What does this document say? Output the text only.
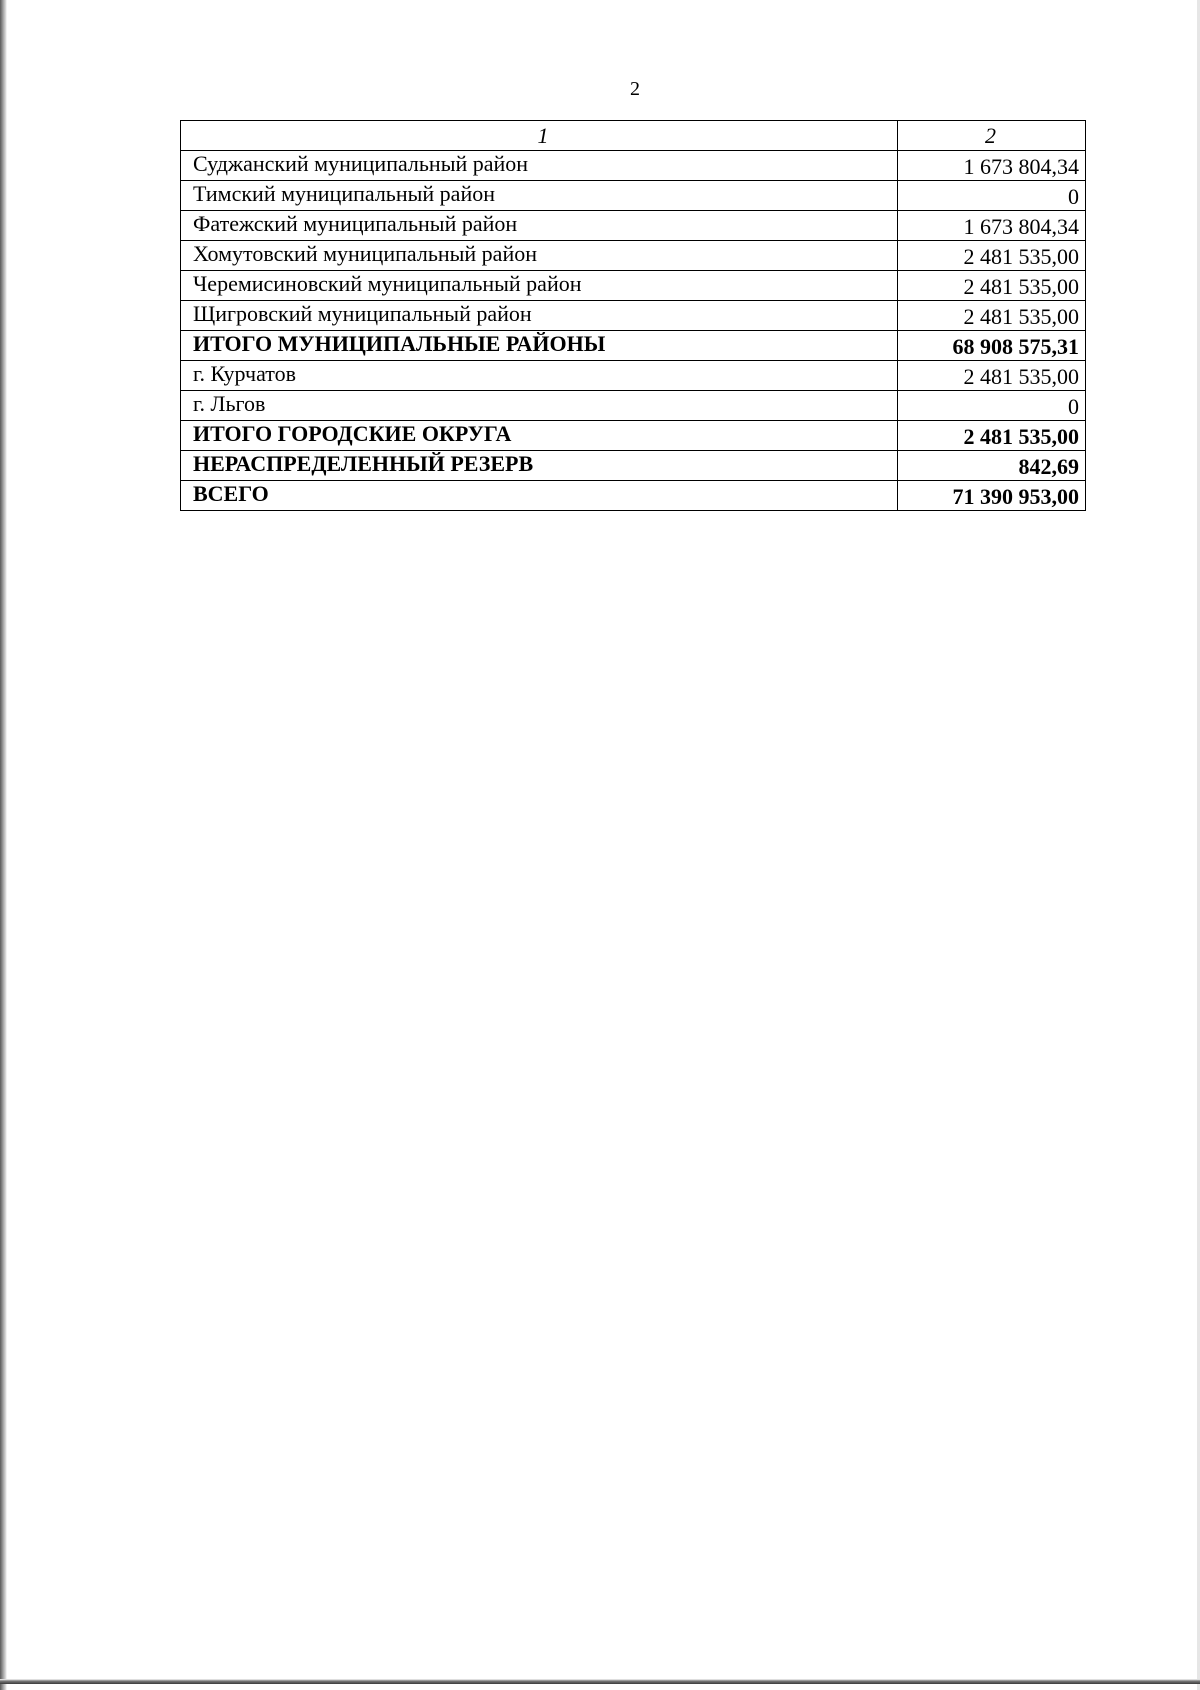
2
1	2
Суджанский муниципальный район	1 673 804,34
Тимский муниципальный район	0
Фатежский муниципальный район	1 673 804,34
Хомутовский муниципальный район	2 481 535,00
Черемисиновский муниципальный район	2 481 535,00
Щигровский муниципальный район	2 481 535,00
ИТОГО МУНИЦИПАЛЬНЫЕ РАЙОНЫ	68 908 575,31
г. Курчатов	2 481 535,00
г. Льгов	0
ИТОГО ГОРОДСКИЕ ОКРУГА	2 481 535,00
НЕРАСПРЕДЕЛЕННЫЙ РЕЗЕРВ	842,69
ВСЕГО	71 390 953,00
